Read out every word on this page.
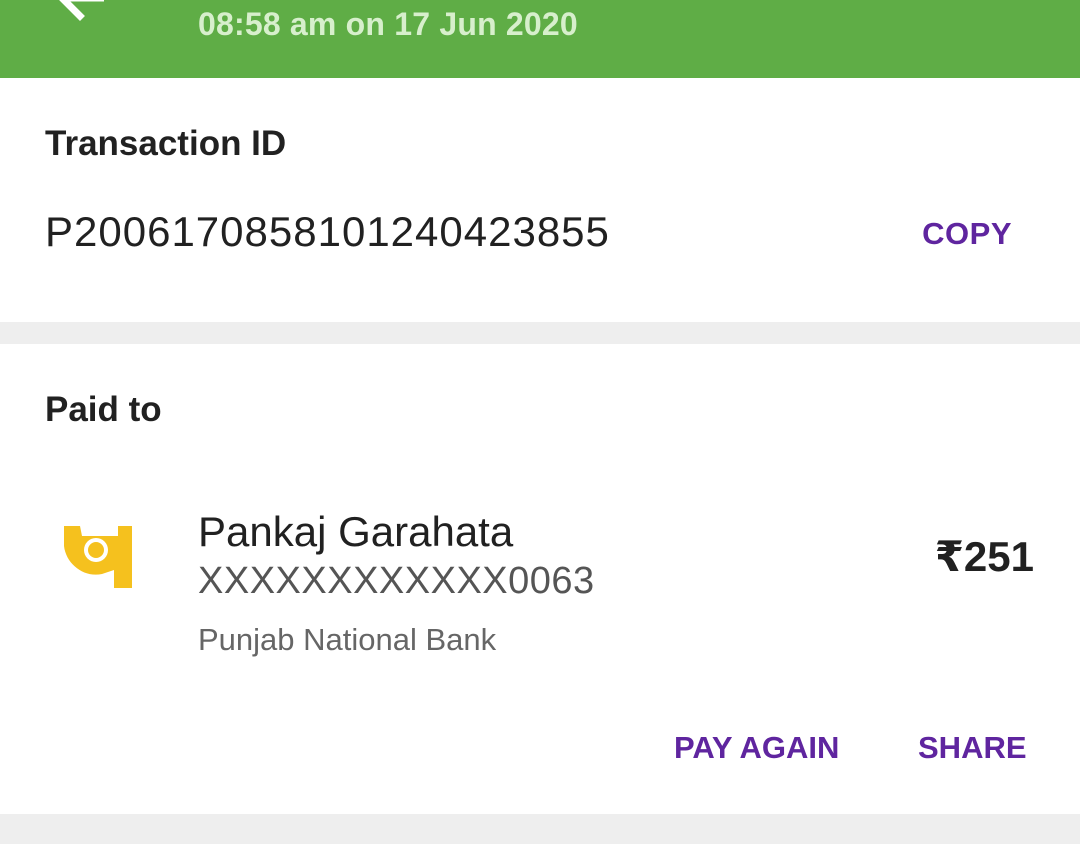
08:58 am on 17 Jun 2020
Transaction ID
P2006170858101240423855	COPY
Paid to
Pankaj Garahata
XXXXXXXXXXXX0063
Punjab National Bank
₹251
PAY AGAIN	SHARE
